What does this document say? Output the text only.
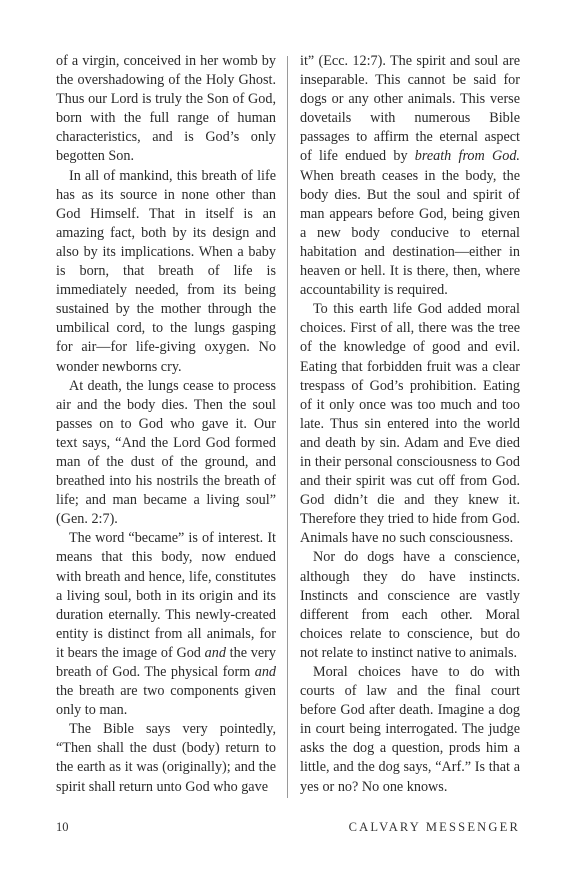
of a virgin, conceived in her womb by the overshadowing of the Holy Ghost. Thus our Lord is truly the Son of God, born with the full range of human characteristics, and is God’s only begotten Son.

In all of mankind, this breath of life has as its source in none other than God Himself. That in itself is an amazing fact, both by its design and also by its implications. When a baby is born, that breath of life is immediately needed, from its being sustained by the mother through the umbilical cord, to the lungs gasping for air—for life-giving oxygen. No wonder newborns cry.

At death, the lungs cease to process air and the body dies. Then the soul passes on to God who gave it. Our text says, “And the Lord God formed man of the dust of the ground, and breathed into his nostrils the breath of life; and man became a living soul” (Gen. 2:7).

The word “became” is of interest. It means that this body, now endued with breath and hence, life, constitutes a living soul, both in its origin and its duration eternally. This newly-created entity is distinct from all animals, for it bears the image of God and the very breath of God. The physical form and the breath are two components given only to man.

The Bible says very pointedly, “Then shall the dust (body) return to the earth as it was (originally); and the spirit shall return unto God who gave

it” (Ecc. 12:7). The spirit and soul are inseparable. This cannot be said for dogs or any other animals. This verse dovetails with numerous Bible passages to affirm the eternal aspect of life endued by breath from God. When breath ceases in the body, the body dies. But the soul and spirit of man appears before God, being given a new body conducive to eternal habitation and destination—either in heaven or hell. It is there, then, where accountability is required.

To this earth life God added moral choices. First of all, there was the tree of the knowledge of good and evil. Eating that forbidden fruit was a clear trespass of God’s prohibition. Eating of it only once was too much and too late. Thus sin entered into the world and death by sin. Adam and Eve died in their personal consciousness to God and their spirit was cut off from God. God didn’t die and they knew it. Therefore they tried to hide from God. Animals have no such consciousness.

Nor do dogs have a conscience, although they do have instincts. Instincts and conscience are vastly different from each other. Moral choices relate to conscience, but do not relate to instinct native to animals.

Moral choices have to do with courts of law and the final court before God after death. Imagine a dog in court being interrogated. The judge asks the dog a question, prods him a little, and the dog says, “Arf.” Is that a yes or no? No one knows.

10	CALVARY MESSENGER
